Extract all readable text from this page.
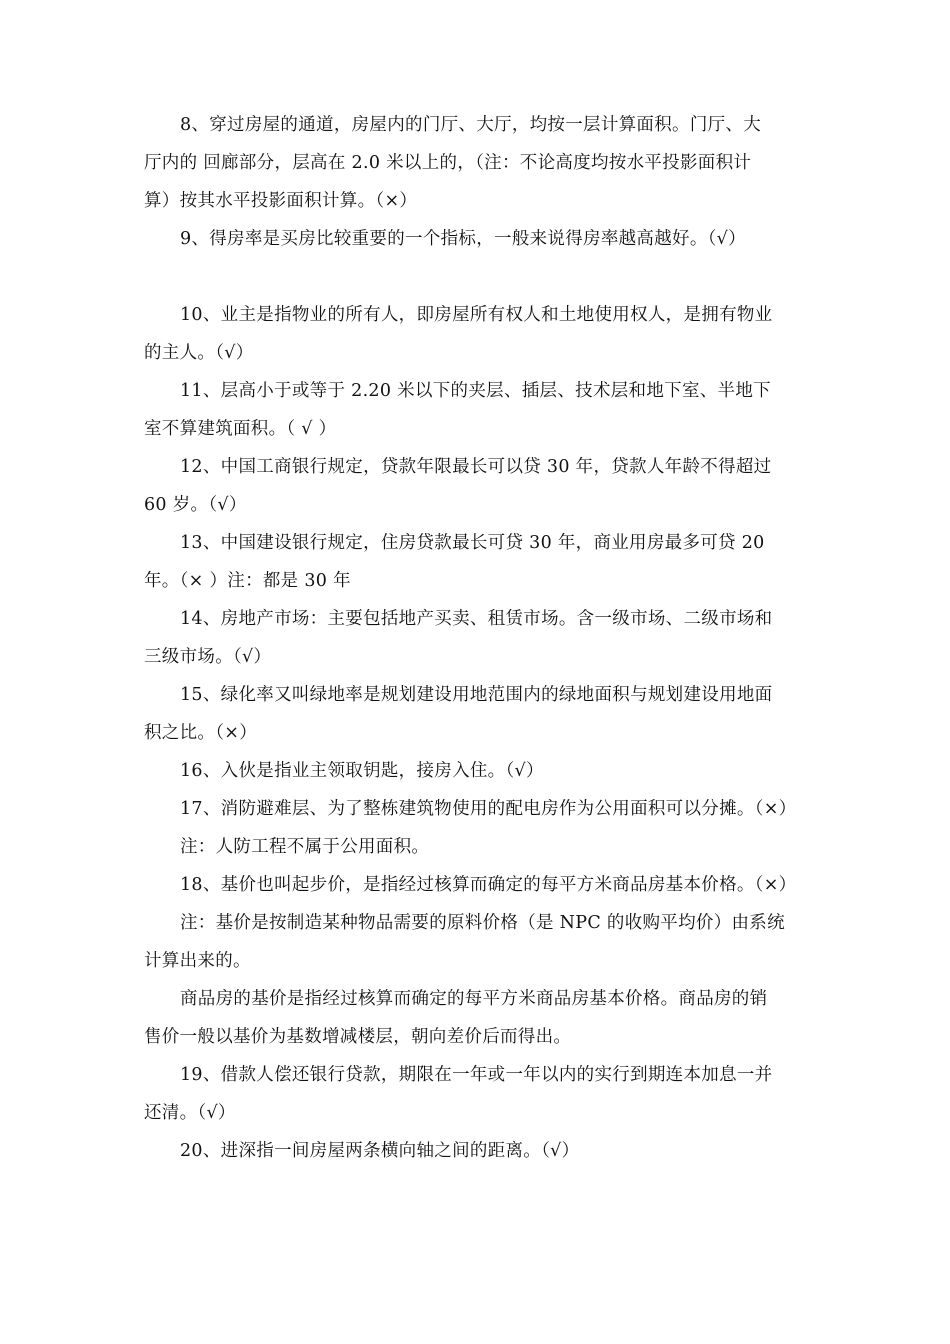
8、穿过房屋的通道，房屋内的门厅、大厅，均按一层计算面积。门厅、大
厅内的 回廊部分，层高在 2.0 米以上的，（注：不论高度均按水平投影面积计
算）按其水平投影面积计算。（×）
9、得房率是买房比较重要的一个指标，一般来说得房率越高越好。（√）
10、业主是指物业的所有人，即房屋所有权人和土地使用权人，是拥有物业
的主人。（√）
11、层高小于或等于 2.20 米以下的夹层、插层、技术层和地下室、半地下
室不算建筑面积。（ √ ）
12、中国工商银行规定，贷款年限最长可以贷 30 年，贷款人年龄不得超过
60 岁。（√）
13、中国建设银行规定，住房贷款最长可贷 30 年，商业用房最多可贷 20
年。（× ）注：都是 30 年
14、房地产市场：主要包括地产买卖、租赁市场。含一级市场、二级市场和
三级市场。（√）
15、绿化率又叫绿地率是规划建设用地范围内的绿地面积与规划建设用地面
积之比。（×）
16、入伙是指业主领取钥匙，接房入住。（√）
17、消防避难层、为了整栋建筑物使用的配电房作为公用面积可以分摊。（×）
注：人防工程不属于公用面积。
18、基价也叫起步价，是指经过核算而确定的每平方米商品房基本价格。（×）
注：基价是按制造某种物品需要的原料价格（是 NPC 的收购平均价）由系统
计算出来的。
商品房的基价是指经过核算而确定的每平方米商品房基本价格。商品房的销
售价一般以基价为基数增减楼层，朝向差价后而得出。
19、借款人偿还银行贷款，期限在一年或一年以内的实行到期连本加息一并
还清。（√）
20、进深指一间房屋两条横向轴之间的距离。（√）
